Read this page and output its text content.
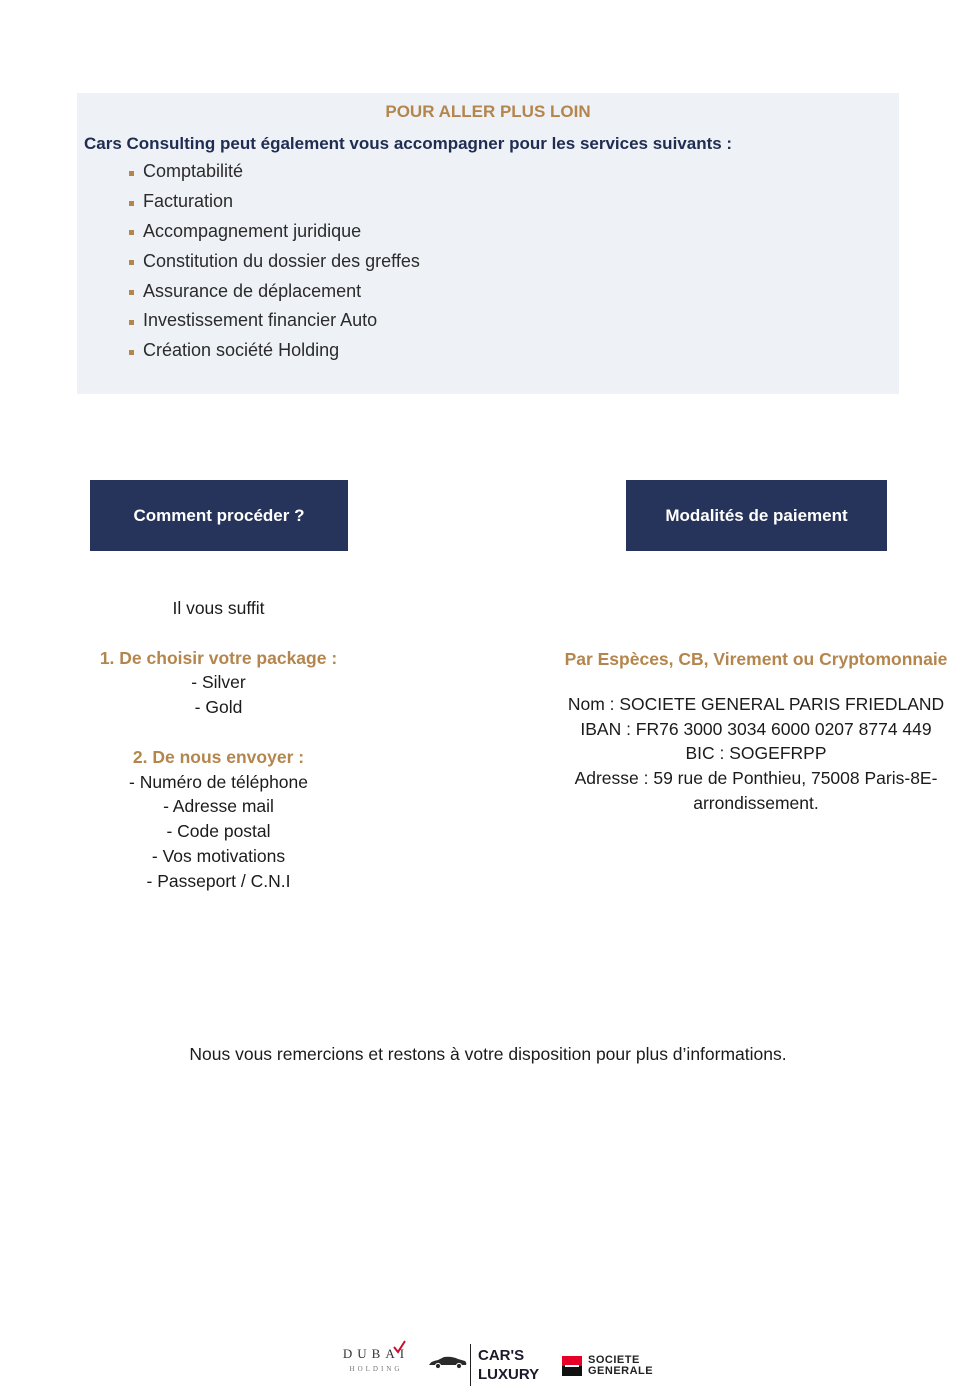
POUR ALLER PLUS LOIN
Cars Consulting peut également vous accompagner pour les services suivants :
Comptabilité
Facturation
Accompagnement juridique
Constitution du dossier des greffes
Assurance de déplacement
Investissement financier Auto
Création société Holding
Comment procéder ?	Modalités de paiement
Il vous suffit
1. De choisir votre package :
- Silver
- Gold
2. De nous envoyer :
- Numéro de téléphone
- Adresse mail
- Code postal
- Vos motivations
- Passeport / C.N.I
Par Espèces, CB, Virement ou Cryptomonnaie
Nom : SOCIETE GENERAL PARIS FRIEDLAND
IBAN : FR76 3000 3034 6000 0207 8774 449
BIC : SOGEFRPP
Adresse : 59 rue de Ponthieu, 75008 Paris-8E-
arrondissement.
Nous vous remercions et restons à votre disposition pour plus d’informations.
DUBAI
HOLDING
CAR'S
LUXURY
SOCIETE
GENERALE
